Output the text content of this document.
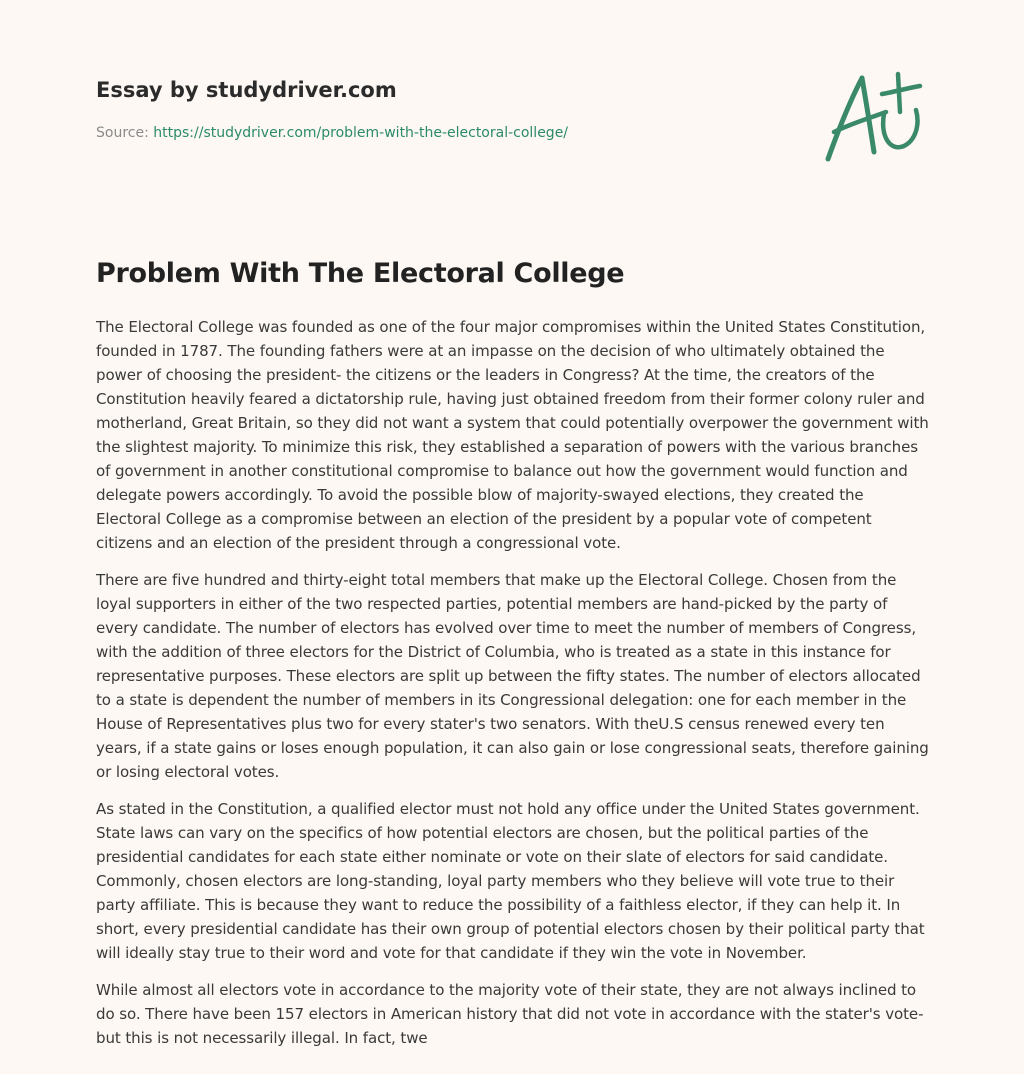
Essay by studydriver.com
Source: https://studydriver.com/problem-with-the-electoral-college/
Problem With The Electoral College

The Electoral College was founded as one of the four major compromises within the United States Constitution, founded in 1787. The founding fathers were at an impasse on the decision of who ultimately obtained the power of choosing the president- the citizens or the leaders in Congress? At the time, the creators of the Constitution heavily feared a dictatorship rule, having just obtained freedom from their former colony ruler and motherland, Great Britain, so they did not want a system that could potentially overpower the government with the slightest majority. To minimize this risk, they established a separation of powers with the various branches of government in another constitutional compromise to balance out how the government would function and delegate powers accordingly. To avoid the possible blow of majority-swayed elections, they created the Electoral College as a compromise between an election of the president by a popular vote of competent citizens and an election of the president through a congressional vote.

There are five hundred and thirty-eight total members that make up the Electoral College. Chosen from the loyal supporters in either of the two respected parties, potential members are hand-picked by the party of every candidate. The number of electors has evolved over time to meet the number of members of Congress, with the addition of three electors for the District of Columbia, who is treated as a state in this instance for representative purposes. These electors are split up between the fifty states. The number of electors allocated to a state is dependent the number of members in its Congressional delegation: one for each member in the House of Representatives plus two for every stater's two senators. With theU.S census renewed every ten years, if a state gains or loses enough population, it can also gain or lose congressional seats, therefore gaining or losing electoral votes.

As stated in the Constitution, a qualified elector must not hold any office under the United States government. State laws can vary on the specifics of how potential electors are chosen, but the political parties of the presidential candidates for each state either nominate or vote on their slate of electors for said candidate. Commonly, chosen electors are long-standing, loyal party members who they believe will vote true to their party affiliate. This is because they want to reduce the possibility of a faithless elector, if they can help it. In short, every presidential candidate has their own group of potential electors chosen by their political party that will ideally stay true to their word and vote for that candidate if they win the vote in November.

While almost all electors vote in accordance to the majority vote of their state, they are not always inclined to do so. There have been 157 electors in American history that did not vote in accordance with the stater's vote- but this is not necessarily illegal. In fact, twe
